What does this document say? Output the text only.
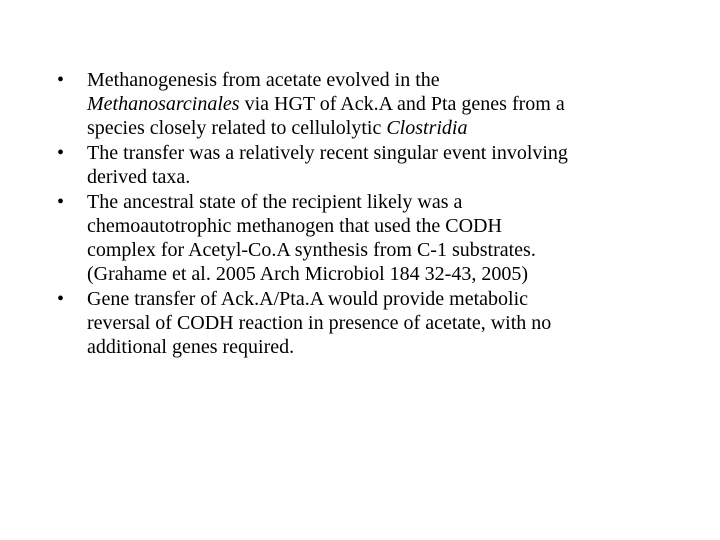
•	Methanogenesis from acetate evolved in the
Methanosarcinales via HGT of Ack.A and Pta genes from a
species closely related to cellulolytic Clostridia
•	The transfer was a relatively recent singular event involving
derived taxa.
•	The ancestral state of the recipient likely was a
chemoautotrophic methanogen that used the CODH
complex for Acetyl-Co.A synthesis from C-1 substrates.
(Grahame et al. 2005 Arch Microbiol 184 32-43, 2005)
•	Gene transfer of Ack.A/Pta.A would provide metabolic
reversal of CODH reaction in presence of acetate, with no
additional genes required.
